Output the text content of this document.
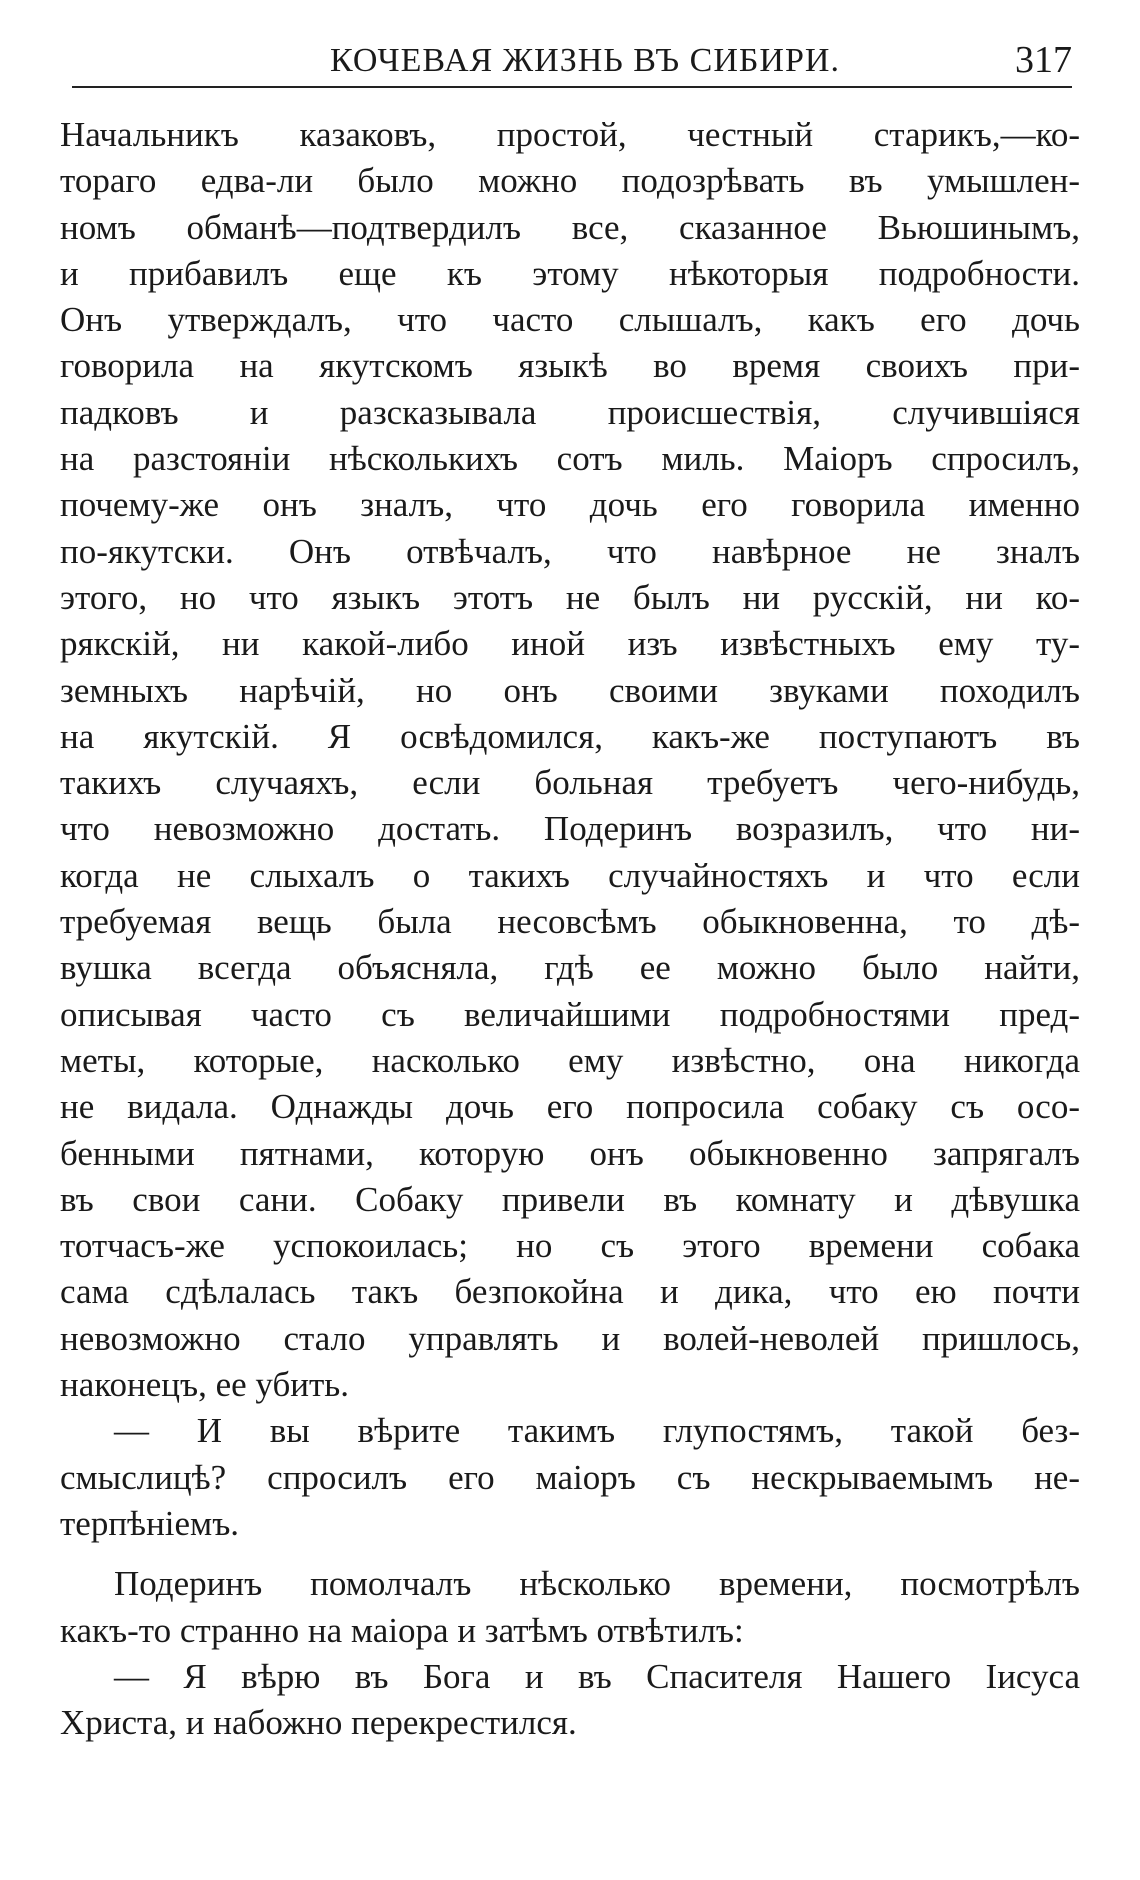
КОЧЕВАЯ ЖИЗНЬ ВЪ СИБИРИ.	317
Начальникъ казаковъ, простой, честный старикъ,—ко-
тораго едва-ли было можно подозрѣвать въ умышлен-
номъ обманѣ—подтвердилъ все, сказанное Вьюшинымъ,
и прибавилъ еще къ этому нѣкоторыя подробности.
Онъ утверждалъ, что часто слышалъ, какъ его дочь
говорила на якутскомъ языкѣ во время своихъ при-
падковъ и разсказывала происшествія, случившіяся
на разстояніи нѣсколькихъ сотъ миль. Маіоръ спросилъ,
почему-же онъ зналъ, что дочь его говорила именно
по-якутски. Онъ отвѣчалъ, что навѣрное не зналъ
этого, но что языкъ этотъ не былъ ни русскій, ни ко-
рякскій, ни какой-либо иной изъ извѣстныхъ ему ту-
земныхъ нарѣчій, но онъ своими звуками походилъ
на якутскій. Я освѣдомился, какъ-же поступаютъ въ
такихъ случаяхъ, если больная требуетъ чего-нибудь,
что невозможно достать. Подеринъ возразилъ, что ни-
когда не слыхалъ о такихъ случайностяхъ и что если
требуемая вещь была несовсѣмъ обыкновенна, то дѣ-
вушка всегда объясняла, гдѣ ее можно было найти,
описывая часто съ величайшими подробностями пред-
меты, которые, насколько ему извѣстно, она никогда
не видала. Однажды дочь его попросила собаку съ осо-
бенными пятнами, которую онъ обыкновенно запрягалъ
въ свои сани. Собаку привели въ комнату и дѣвушка
тотчасъ-же успокоилась; но съ этого времени собака
сама сдѣлалась такъ безпокойна и дика, что ею почти
невозможно стало управлять и волей-неволей пришлось,
наконецъ, ее убить.
— И вы вѣрите такимъ глупостямъ, такой без-
смыслицѣ? спросилъ его маіоръ съ нескрываемымъ не-
терпѣніемъ.
Подеринъ помолчалъ нѣсколько времени, посмотрѣлъ
какъ-то странно на маіора и затѣмъ отвѣтилъ:
— Я вѣрю въ Бога и въ Спасителя Нашего Іисуса
Христа, и набожно перекрестился.
